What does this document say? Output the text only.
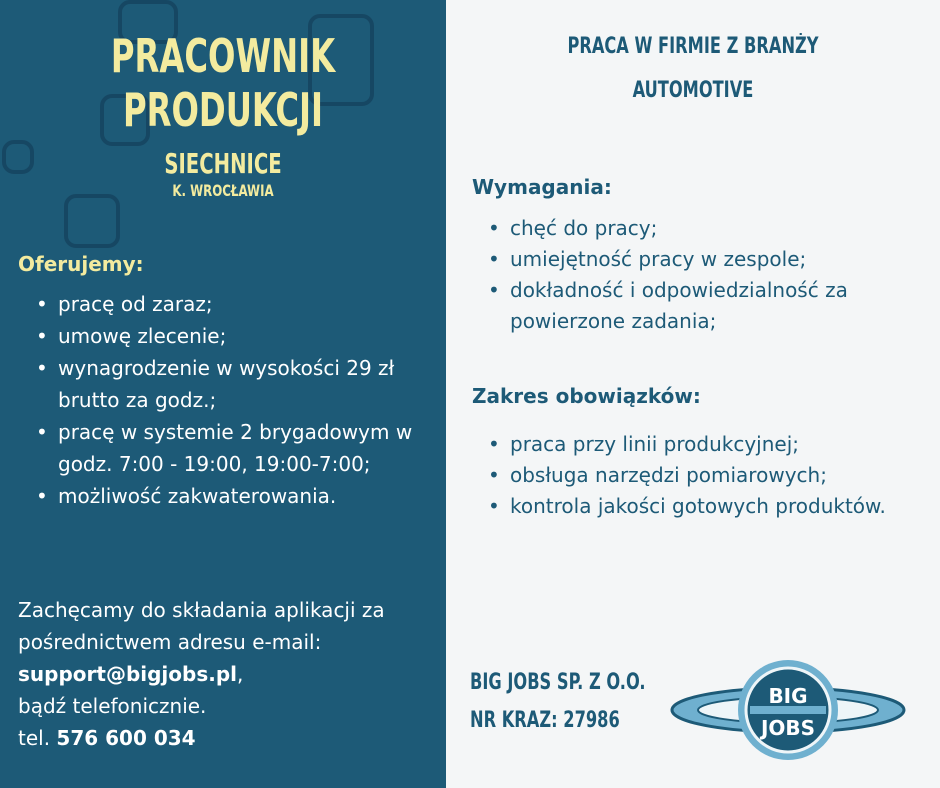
PRACOWNIK
PRODUKCJI
SIECHNICE
K. WROCŁAWIA
Oferujemy:
• pracę od zaraz;
• umowę zlecenie;
• wynagrodzenie w wysokości 29 zł brutto za godz.;
• pracę w systemie 2 brygadowym w godz. 7:00 - 19:00, 19:00-7:00;
• możliwość zakwaterowania.
Zachęcamy do składania aplikacji za pośrednictwem adresu e-mail:
support@bigjobs.pl,
bądź telefonicznie.
tel. 576 600 034
PRACA W FIRMIE Z BRANŻY
AUTOMOTIVE
Wymagania:
• chęć do pracy;
• umiejętność pracy w zespole;
• dokładność i odpowiedzialność za powierzone zadania;
Zakres obowiązków:
• praca przy linii produkcyjnej;
• obsługa narzędzi pomiarowych;
• kontrola jakości gotowych produktów.
BIG JOBS SP. Z O.O.
NR KRAZ: 27986
BIG
JOBS
